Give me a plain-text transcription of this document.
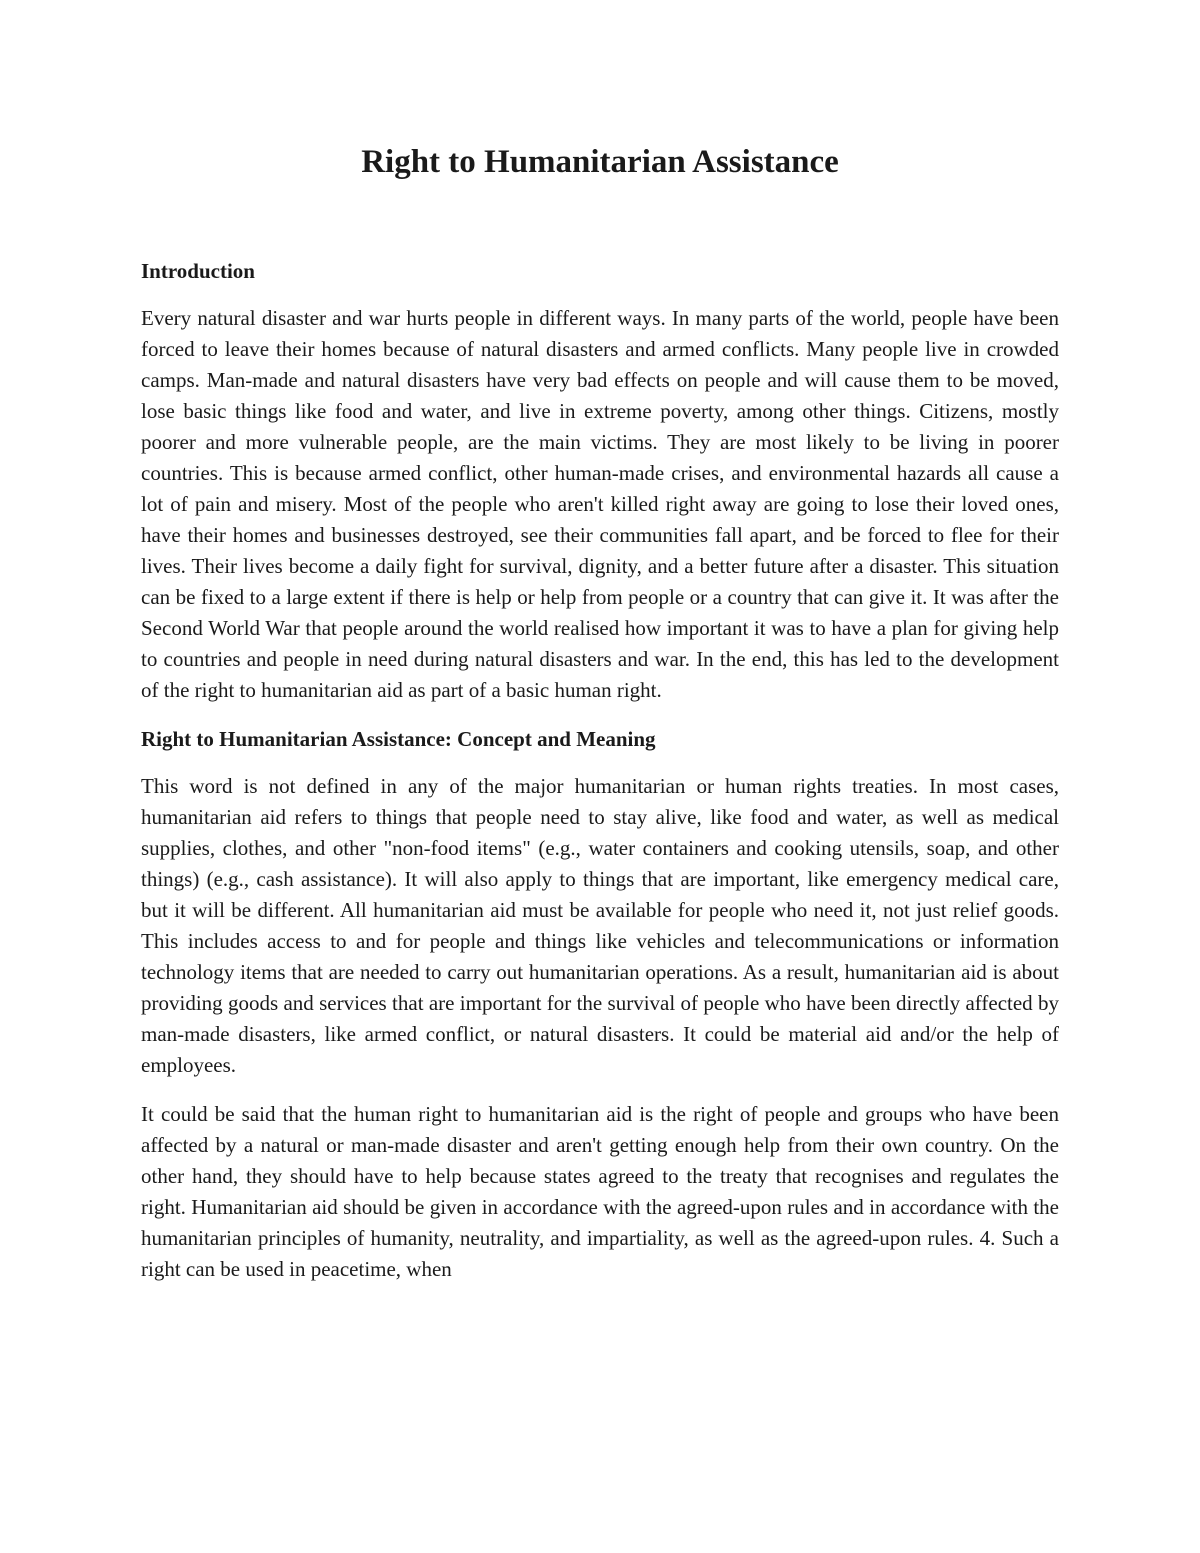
Right to Humanitarian Assistance
Introduction

Every natural disaster and war hurts people in different ways. In many parts of the world, people have been forced to leave their homes because of natural disasters and armed conflicts. Many people live in crowded camps. Man-made and natural disasters have very bad effects on people and will cause them to be moved, lose basic things like food and water, and live in extreme poverty, among other things. Citizens, mostly poorer and more vulnerable people, are the main victims. They are most likely to be living in poorer countries. This is because armed conflict, other human-made crises, and environmental hazards all cause a lot of pain and misery. Most of the people who aren't killed right away are going to lose their loved ones, have their homes and businesses destroyed, see their communities fall apart, and be forced to flee for their lives. Their lives become a daily fight for survival, dignity, and a better future after a disaster. This situation can be fixed to a large extent if there is help or help from people or a country that can give it. It was after the Second World War that people around the world realised how important it was to have a plan for giving help to countries and people in need during natural disasters and war. In the end, this has led to the development of the right to humanitarian aid as part of a basic human right.

Right to Humanitarian Assistance: Concept and Meaning

This word is not defined in any of the major humanitarian or human rights treaties. In most cases, humanitarian aid refers to things that people need to stay alive, like food and water, as well as medical supplies, clothes, and other "non-food items" (e.g., water containers and cooking utensils, soap, and other things) (e.g., cash assistance). It will also apply to things that are important, like emergency medical care, but it will be different. All humanitarian aid must be available for people who need it, not just relief goods. This includes access to and for people and things like vehicles and telecommunications or information technology items that are needed to carry out humanitarian operations. As a result, humanitarian aid is about providing goods and services that are important for the survival of people who have been directly affected by man-made disasters, like armed conflict, or natural disasters. It could be material aid and/or the help of employees.

It could be said that the human right to humanitarian aid is the right of people and groups who have been affected by a natural or man-made disaster and aren't getting enough help from their own country. On the other hand, they should have to help because states agreed to the treaty that recognises and regulates the right. Humanitarian aid should be given in accordance with the agreed-upon rules and in accordance with the humanitarian principles of humanity, neutrality, and impartiality, as well as the agreed-upon rules. 4. Such a right can be used in peacetime, when
